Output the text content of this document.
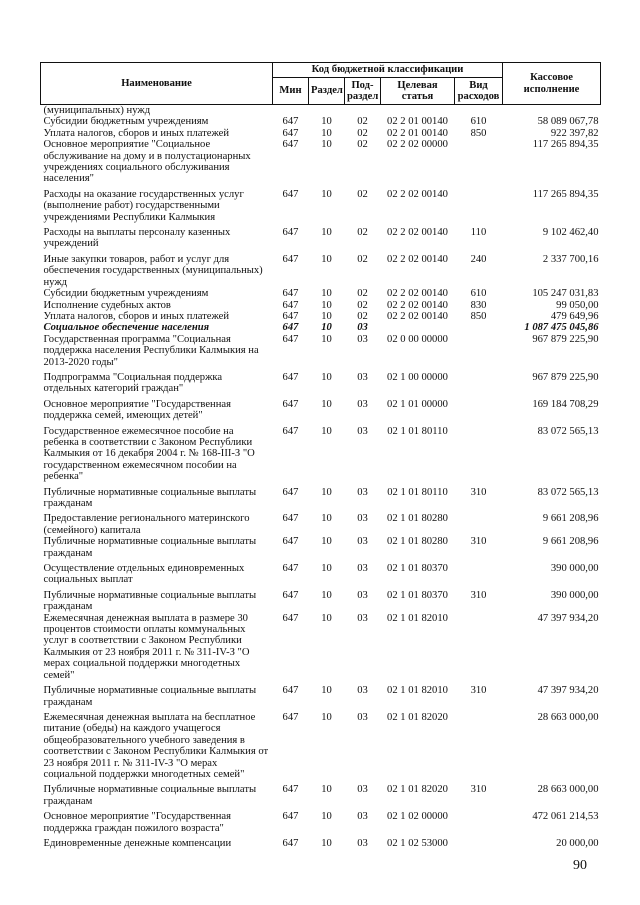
Наименование	Код бюджетной классификации					Кассовое исполнение
	Мин	Раздел	Под-раздел	Целевая статья	Вид расходов	
(муниципальных) нужд						
Субсидии бюджетным учреждениям	647	10	02	02 2 01 00140	610	58 089 067,78
Уплата налогов, сборов и иных платежей	647	10	02	02 2 01 00140	850	922 397,82
Основное мероприятие "Социальное обслуживание на дому и в полустационарных учреждениях социального обслуживания населения"	647	10	02	02 2 02 00000		117 265 894,35
Расходы на оказание государственных услуг (выполнение работ) государственными учреждениями Республики Калмыкия	647	10	02	02 2 02 00140		117 265 894,35
Расходы на выплаты персоналу казенных учреждений	647	10	02	02 2 02 00140	110	9 102 462,40
Иные закупки товаров, работ и услуг для обеспечения государственных (муниципальных) нужд	647	10	02	02 2 02 00140	240	2 337 700,16
Субсидии бюджетным учреждениям	647	10	02	02 2 02 00140	610	105 247 031,83
Исполнение судебных актов	647	10	02	02 2 02 00140	830	99 050,00
Уплата налогов, сборов и иных платежей	647	10	02	02 2 02 00140	850	479 649,96
Социальное обеспечение населения	647	10	03			1 087 475 045,86
Государственная программа "Социальная поддержка населения Республики Калмыкия на 2013-2020 годы"	647	10	03	02 0 00 00000		967 879 225,90
Подпрограмма "Социальная поддержка отдельных категорий граждан"	647	10	03	02 1 00 00000		967 879 225,90
Основное мероприятие "Государственная поддержка семей, имеющих детей"	647	10	03	02 1 01 00000		169 184 708,29
Государственное ежемесячное пособие на ребенка в соответствии с Законом Республики Калмыкия от 16 декабря 2004 г. № 168-III-З "О государственном ежемесячном пособии на ребенка"	647	10	03	02 1 01 80110		83 072 565,13
Публичные нормативные социальные выплаты гражданам	647	10	03	02 1 01 80110	310	83 072 565,13
Предоставление регионального материнского (семейного) капитала	647	10	03	02 1 01 80280		9 661 208,96
Публичные нормативные социальные выплаты гражданам	647	10	03	02 1 01 80280	310	9 661 208,96
Осуществление отдельных единовременных социальных выплат	647	10	03	02 1 01 80370		390 000,00
Публичные нормативные социальные выплаты гражданам	647	10	03	02 1 01 80370	310	390 000,00
Ежемесячная денежная выплата в размере 30 процентов стоимости оплаты коммунальных услуг в соответствии с Законом Республики Калмыкия от 23 ноября 2011 г. № 311-IV-З "О мерах социальной поддержки многодетных семей"	647	10	03	02 1 01 82010		47 397 934,20
Публичные нормативные социальные выплаты гражданам	647	10	03	02 1 01 82010	310	47 397 934,20
Ежемесячная денежная выплата на бесплатное питание (обеды) на каждого учащегося общеобразовательного учебного заведения в соответствии с Законом Республики Калмыкия от 23 ноября 2011 г. № 311-IV-З "О мерах социальной поддержки многодетных семей"	647	10	03	02 1 01 82020		28 663 000,00
Публичные нормативные социальные выплаты гражданам	647	10	03	02 1 01 82020	310	28 663 000,00
Основное мероприятие "Государственная поддержка граждан пожилого возраста"	647	10	03	02 1 02 00000		472 061 214,53
Единовременные денежные компенсации	647	10	03	02 1 02 53000		20 000,00
90
